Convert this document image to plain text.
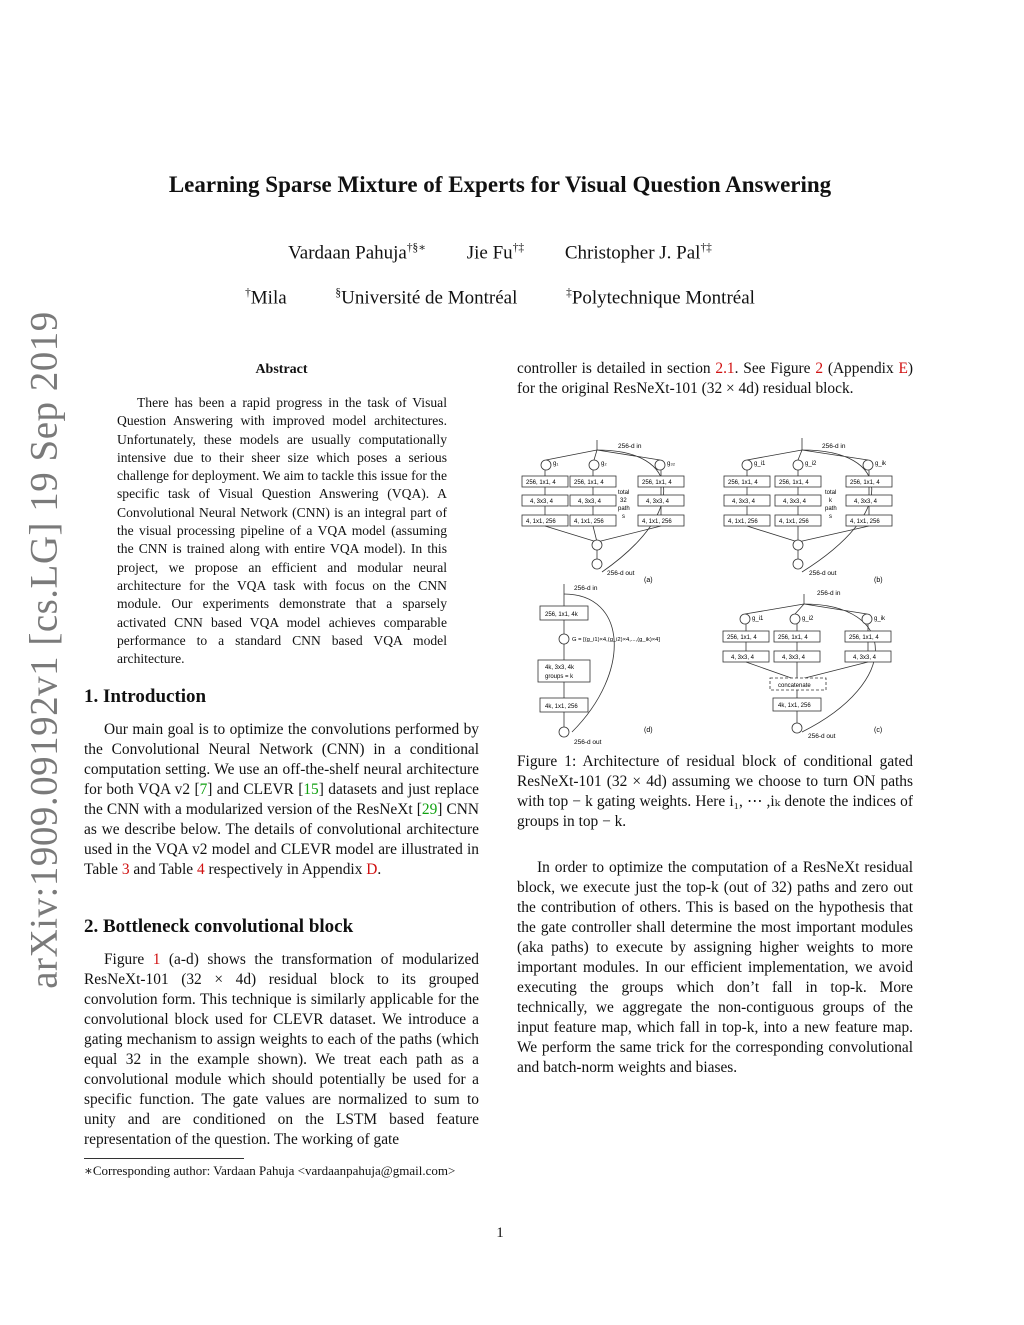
arXiv:1909.09192v1 [cs.LG] 19 Sep 2019
Learning Sparse Mixture of Experts for Visual Question Answering
Vardaan Pahuja†§∗ Jie Fu†‡ Christopher J. Pal†‡
†Mila	§Université de Montréal	‡Polytechnique Montréal
Abstract
There has been a rapid progress in the task of Visual Question Answering with improved model architectures. Unfortunately, these models are usually computationally intensive due to their sheer size which poses a serious challenge for deployment. We aim to tackle this issue for the specific task of Visual Question Answering (VQA). A Convolutional Neural Network (CNN) is an integral part of the visual processing pipeline of a VQA model (assuming the CNN is trained along with entire VQA model). In this project, we propose an efficient and modular neural architecture for the VQA task with focus on the CNN module. Our experiments demonstrate that a sparsely activated CNN based VQA model achieves comparable performance to a standard CNN based VQA model architecture.
1. Introduction
Our main goal is to optimize the convolutions performed by the Convolutional Neural Network (CNN) in a conditional computation setting. We use an off-the-shelf neural architecture for both VQA v2 [7] and CLEVR [15] datasets and just replace the CNN with a modularized version of the ResNeXt [29] CNN as we describe below. The details of convolutional architecture used in the VQA v2 model and CLEVR model are illustrated in Table 3 and Table 4 respectively in Appendix D.
2. Bottleneck convolutional block
Figure 1 (a-d) shows the transformation of modularized ResNeXt-101 (32 × 4d) residual block to its grouped convolution form. This technique is similarly applicable for the convolutional block used for CLEVR dataset. We introduce a gating mechanism to assign weights to each of the paths (which equal 32 in the example shown). We treat each path as a convolutional module which should potentially be used for a specific function. The gate values are normalized to sum to unity and are conditioned on the LSTM based feature representation of the question. The working of gate
∗Corresponding author: Vardaan Pahuja <vardaanpahuja@gmail.com>
controller is detailed in section 2.1. See Figure 2 (Appendix E) for the original ResNeXt-101 (32 × 4d) residual block.
256-d in
g₁	g₂	g₃₂
256, 1x1, 4	256, 1x1, 4	256, 1x1, 4
4, 3x3, 4	4, 3x3, 4	4, 3x3, 4
4, 1x1, 256	4, 1x1, 256	4, 1x1, 256
total
32
path
s
256-d out
(a)
256-d in
g_i1	g_i2	g_ik
256, 1x1, 4	256, 1x1, 4	256, 1x1, 4
4, 3x3, 4	4, 3x3, 4	4, 3x3, 4
4, 1x1, 256	4, 1x1, 256	4, 1x1, 256
total
k
path
s
256-d out
(b)
256-d in
256, 1x1, 4k
G = [(g_i1)×4,(g_i2)×4,...,(g_ik)×4]
4k, 3x3, 4k
groups = k
4k, 1x1, 256
256-d out
(d)
256-d in
g_i1	g_i2	g_ik
256, 1x1, 4	256, 1x1, 4	256, 1x1, 4
4, 3x3, 4	4, 3x3, 4	4, 3x3, 4
concatenate
4k, 1x1, 256
256-d out
(c)
Figure 1: Architecture of residual block of conditional gated ResNeXt-101 (32 × 4d) assuming we choose to turn ON paths with top − k gating weights. Here i₁, ⋯ ,iₖ denote the indices of groups in top − k.
In order to optimize the computation of a ResNeXt residual block, we execute just the top-k (out of 32) paths and zero out the contribution of others. This is based on the hypothesis that the gate controller shall determine the most important modules (aka paths) to execute by assigning higher weights to more important modules. In our efficient implementation, we avoid executing the groups which don’t fall in top-k. More technically, we aggregate the non-contiguous groups of the input feature map, which fall in top-k, into a new feature map. We perform the same trick for the corresponding convolutional and batch-norm weights and biases.
1
